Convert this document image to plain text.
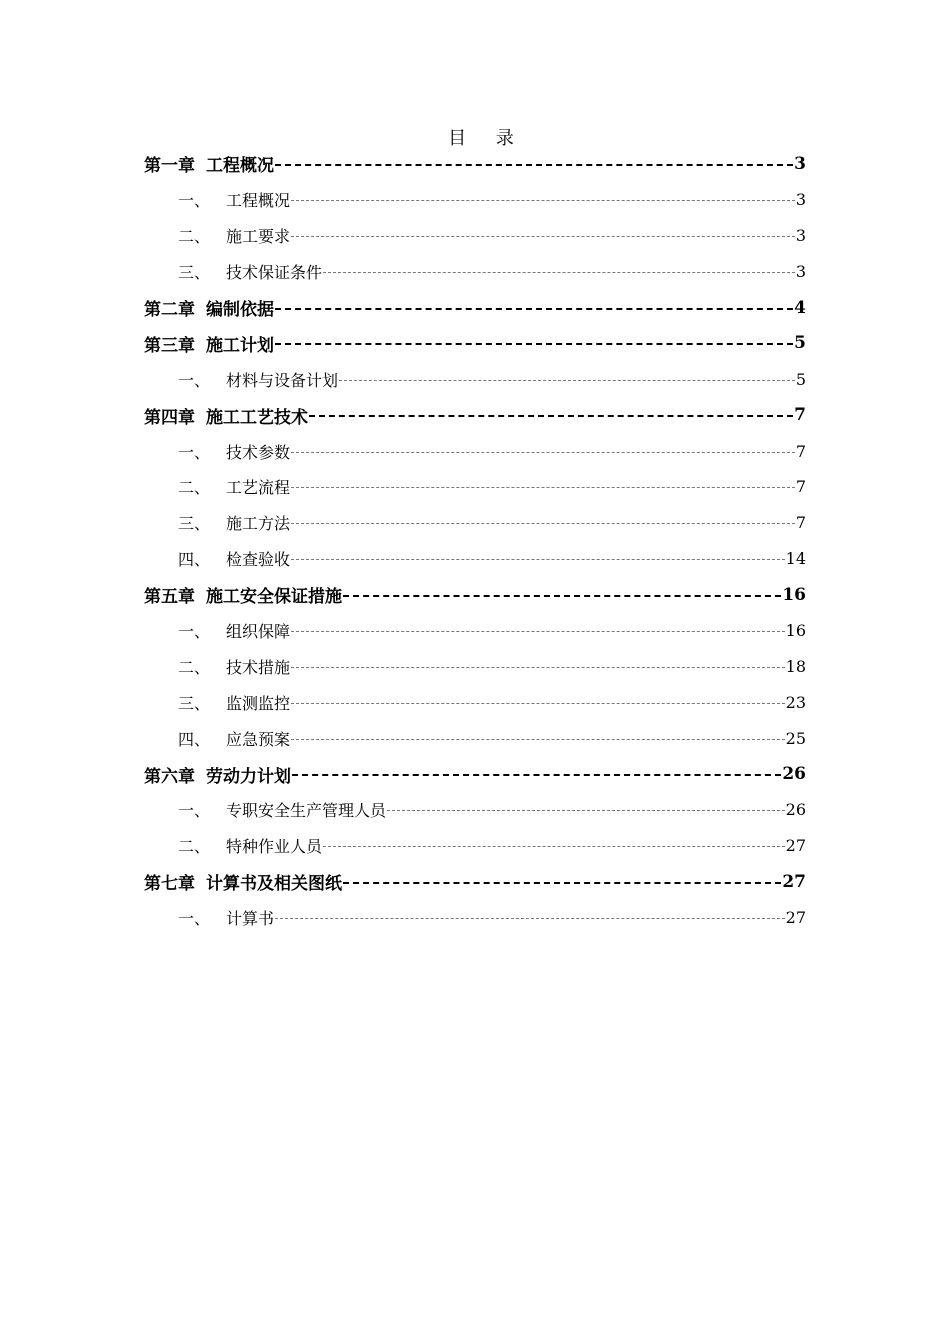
目 录
第一章 工程概况	3
一、 工程概况	3
二、 施工要求	3
三、 技术保证条件	3
第二章 编制依据	4
第三章 施工计划	5
一、 材料与设备计划	5
第四章 施工工艺技术	7
一、 技术参数	7
二、 工艺流程	7
三、 施工方法	7
四、 检查验收	14
第五章 施工安全保证措施	16
一、 组织保障	16
二、 技术措施	18
三、 监测监控	23
四、 应急预案	25
第六章 劳动力计划	26
一、 专职安全生产管理人员	26
二、 特种作业人员	27
第七章 计算书及相关图纸	27
一、 计算书	27
